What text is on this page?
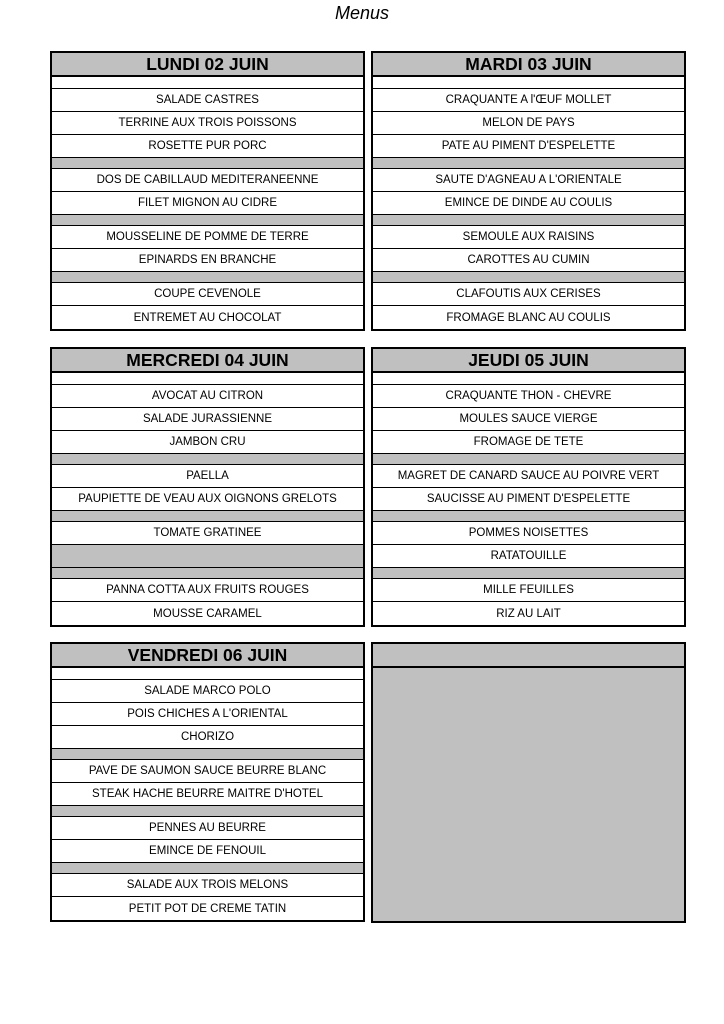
Menus
LUNDI 02 JUIN
SALADE CASTRES
TERRINE AUX TROIS POISSONS
ROSETTE PUR PORC
DOS DE CABILLAUD MEDITERANEENNE
FILET MIGNON AU CIDRE
MOUSSELINE DE POMME DE TERRE
EPINARDS EN BRANCHE
COUPE CEVENOLE
ENTREMET AU CHOCOLAT
MARDI 03 JUIN
CRAQUANTE A l'ŒUF MOLLET
MELON DE PAYS
PATE AU PIMENT D'ESPELETTE
SAUTE D'AGNEAU A L'ORIENTALE
EMINCE DE DINDE AU COULIS
SEMOULE AUX RAISINS
CAROTTES AU CUMIN
CLAFOUTIS AUX CERISES
FROMAGE BLANC AU COULIS
MERCREDI 04 JUIN
AVOCAT AU CITRON
SALADE JURASSIENNE
JAMBON CRU
PAELLA
PAUPIETTE DE VEAU AUX OIGNONS GRELOTS
TOMATE GRATINEE
PANNA COTTA AUX FRUITS ROUGES
MOUSSE CARAMEL
JEUDI 05 JUIN
CRAQUANTE THON - CHEVRE
MOULES SAUCE VIERGE
FROMAGE DE TETE
MAGRET DE CANARD SAUCE AU POIVRE VERT
SAUCISSE AU PIMENT D'ESPELETTE
POMMES NOISETTES
RATATOUILLE
MILLE FEUILLES
RIZ AU LAIT
VENDREDI 06 JUIN
SALADE MARCO POLO
POIS CHICHES A L'ORIENTAL
CHORIZO
PAVE DE SAUMON SAUCE BEURRE BLANC
STEAK HACHE BEURRE MAITRE D'HOTEL
PENNES AU BEURRE
EMINCE DE FENOUIL
SALADE AUX TROIS MELONS
PETIT POT DE CREME TATIN
